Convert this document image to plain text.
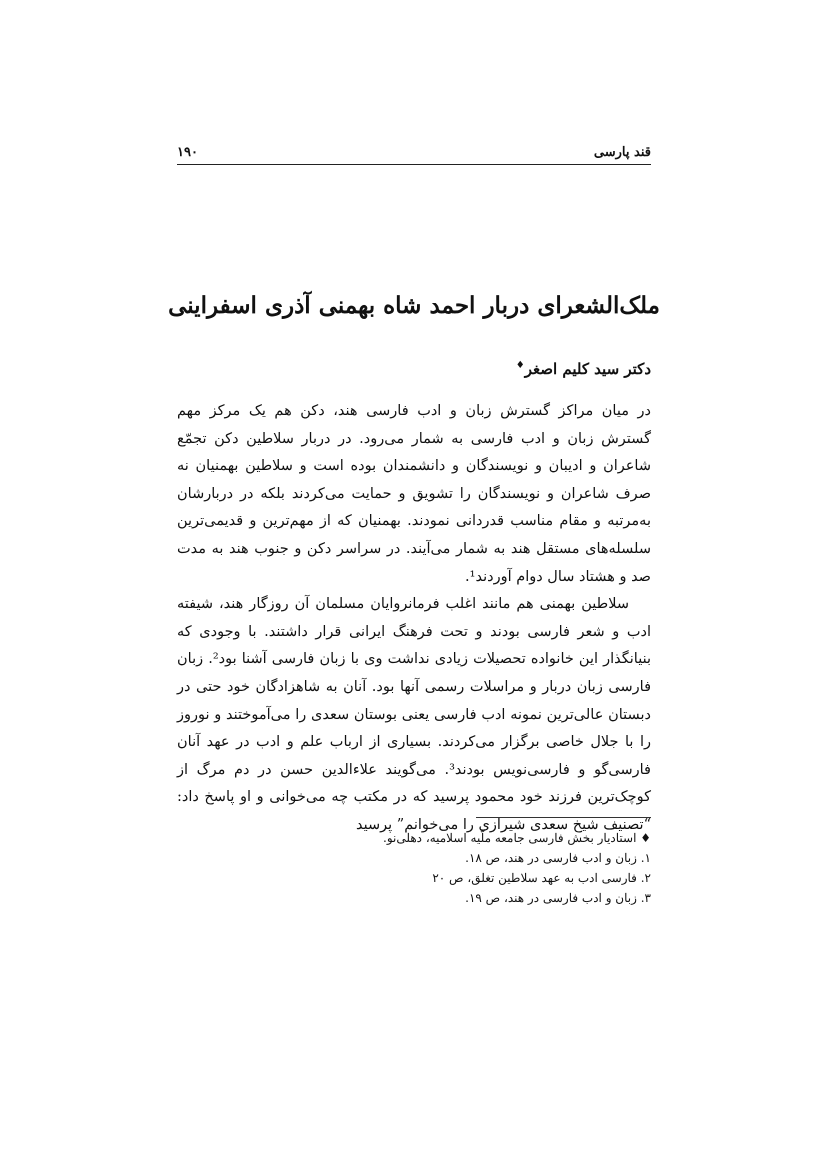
قند پارسی
۱۹۰
ملک‌الشعرای دربار احمد شاه بهمنی آذری اسفراینی
دکتر سید کلیم اصغر♦

در میان مراکز گسترش زبان و ادب فارسی هند، دکن هم یک مرکز مهم گسترش زبان و ادب فارسی به شمار می‌رود. در دربار سلاطین دکن تجمّع شاعران و ادیبان و نویسندگان و دانشمندان بوده است و سلاطین بهمنیان نه صرف شاعران و نویسندگان را تشویق و حمایت می‌کردند بلکه در دربارشان به‌مرتبه و مقام مناسب قدردانی نمودند. بهمنیان که از مهم‌ترین و قدیمی‌ترین سلسله‌های مستقل هند به شمار می‌آیند. در سراسر دکن و جنوب هند به مدت صد و هشتاد سال دوام آوردند¹.

سلاطین بهمنی هم مانند اغلب فرمانروایان مسلمان آن روزگار هند، شیفته ادب و شعر فارسی بودند و تحت فرهنگ ایرانی قرار داشتند. با وجودی که بنیانگذار این خانواده تحصیلات زیادی نداشت وی با زبان فارسی آشنا بود². زبان فارسی زبان دربار و مراسلات رسمی آنها بود. آنان به شاهزادگان خود حتی در دبستان عالی‌ترین نمونه ادب فارسی یعنی بوستان سعدی را می‌آموختند و نوروز را با جلال خاصی برگزار می‌کردند. بسیاری از ارباب علم و ادب در عهد آنان فارسی‌گو و فارسی‌نویس بودند³. می‌گویند علاءالدین حسن در دم مرگ از کوچک‌ترین فرزند خود محمود پرسید که در مکتب چه می‌خوانی و او پاسخ داد: “تصنیف شیخ سعدی شیرازی را می‌خوانم” پرسید

♦ استادیار بخش فارسی جامعه ملّیه اسلامیه، دهلی‌نو.
۱. زبان و ادب فارسی در هند، ص ۱۸.
۲. فارسی ادب به عهد سلاطین تغلق، ص ۲۰
۳. زبان و ادب فارسی در هند، ص ۱۹.
